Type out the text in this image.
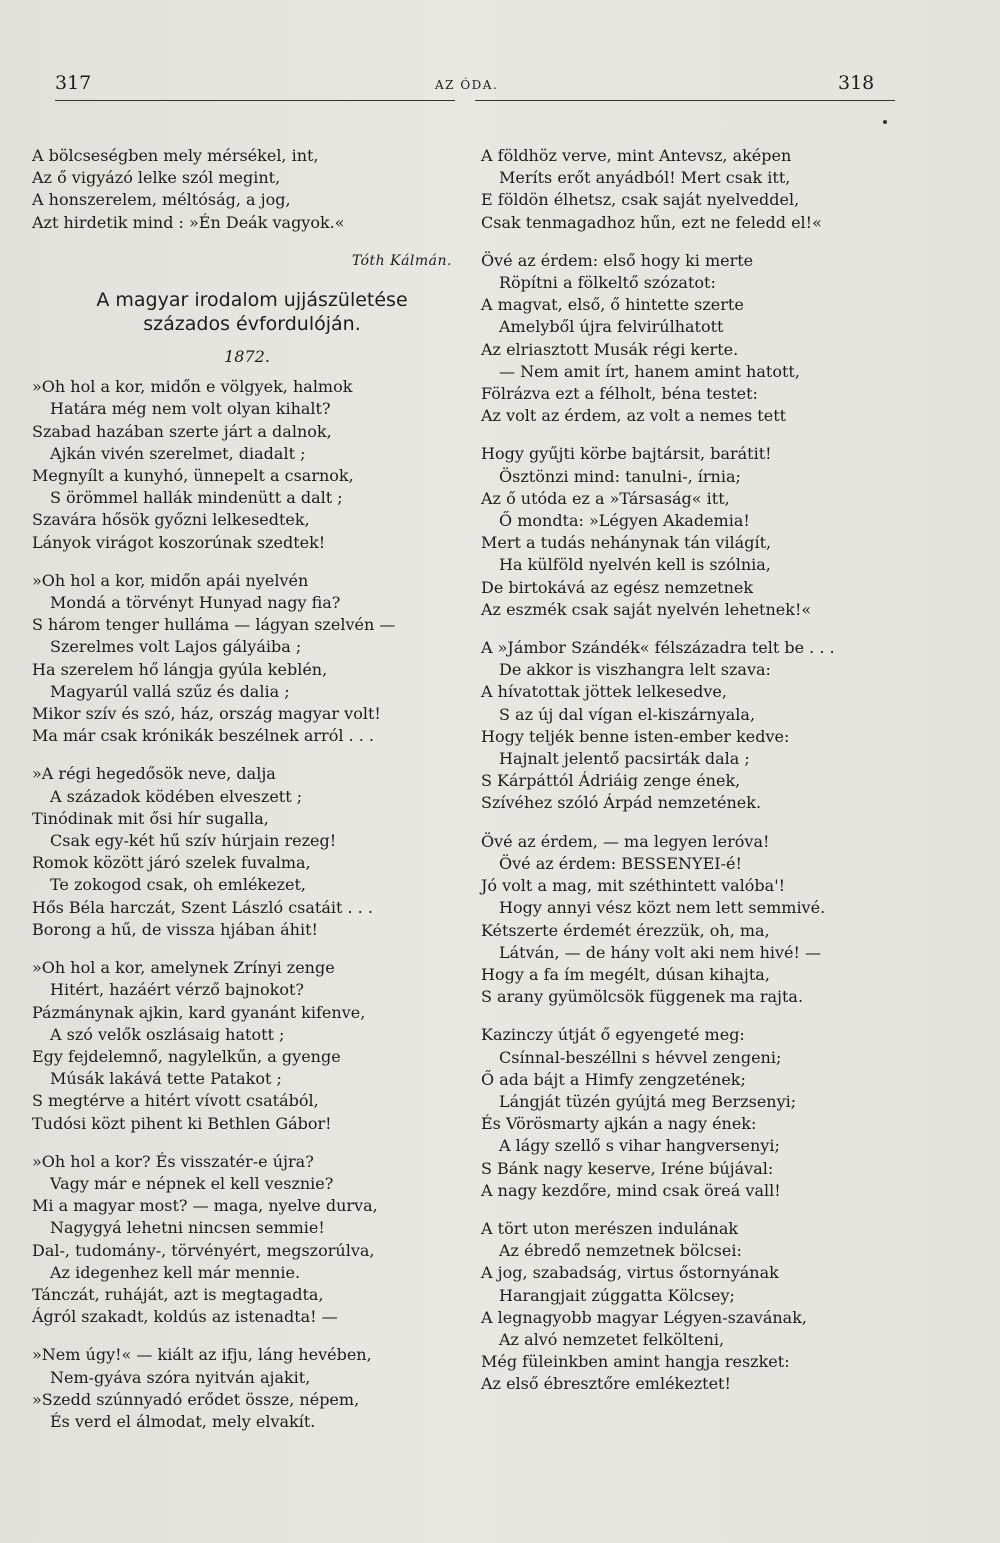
317	AZ ÓDA.	318
A bölcseségben mely mérsékel, int,
Az ő vigyázó lelke szól megint,
A honszerelem, méltóság, a jog,
Azt hirdetik mind : »Én Deák vagyok.«
Tóth Kálmán.
A magyar irodalom ujjászületése
százados évfordulóján.
1872.
»Oh hol a kor, midőn e völgyek, halmok
Határa még nem volt olyan kihalt?
Szabad hazában szerte járt a dalnok,
Ajkán vivén szerelmet, diadalt ;
Megnyílt a kunyhó, ünnepelt a csarnok,
S örömmel hallák mindenütt a dalt ;
Szavára hősök győzni lelkesedtek,
Lányok virágot koszorúnak szedtek!
»Oh hol a kor, midőn apái nyelvén
Mondá a törvényt Hunyad nagy fia?
S három tenger hulláma — lágyan szelvén —
Szerelmes volt Lajos gályáiba ;
Ha szerelem hő lángja gyúla keblén,
Magyarúl vallá szűz és dalia ;
Mikor szív és szó, ház, ország magyar volt!
Ma már csak krónikák beszélnek arról . . .
»A régi hegedősök neve, dalja
A századok ködében elveszett ;
Tinódinak mit ősi hír sugalla,
Csak egy-két hű szív húrjain rezeg!
Romok között járó szelek fuvalma,
Te zokogod csak, oh emlékezet,
Hős Béla harczát, Szent László csatáit . . .
Borong a hű, de vissza hjában áhit!
»Oh hol a kor, amelynek Zrínyi zenge
Hitért, hazáért vérző bajnokot?
Pázmánynak ajkin, kard gyanánt kifenve,
A szó velők oszlásaig hatott ;
Egy fejdelemnő, nagylelkűn, a gyenge
Músák lakává tette Patakot ;
S megtérve a hitért vívott csatából,
Tudósi közt pihent ki Bethlen Gábor!
»Oh hol a kor? És visszatér-e újra?
Vagy már e népnek el kell vesznie?
Mi a magyar most? — maga, nyelve durva,
Nagygyá lehetni nincsen semmie!
Dal-, tudomány-, törvényért, megszorúlva,
Az idegenhez kell már mennie.
Tánczát, ruháját, azt is megtagadta,
Ágról szakadt, koldús az istenadta! —
»Nem úgy!« — kiált az ifju, láng hevében,
Nem-gyáva szóra nyitván ajakit,
»Szedd szúnnyadó erődet össze, népem,
És verd el álmodat, mely elvakít.
A földhöz verve, mint Antevsz, aképen
Meríts erőt anyádból! Mert csak itt,
E földön élhetsz, csak saját nyelveddel,
Csak tenmagadhoz hűn, ezt ne feledd el!«
Övé az érdem: első hogy ki merte
Röpítni a fölkeltő szózatot:
A magvat, első, ő hintette szerte
Amelyből újra felvirúlhatott
Az elriasztott Musák régi kerte.
— Nem amit írt, hanem amint hatott,
Fölrázva ezt a félholt, béna testet:
Az volt az érdem, az volt a nemes tett
Hogy gyűjti körbe bajtársit, barátit!
Ösztönzi mind: tanulni-, írnia;
Az ő utóda ez a »Társaság« itt,
Ő mondta: »Légyen Akademia!
Mert a tudás nehánynak tán világít,
Ha külföld nyelvén kell is szólnia,
De birtokává az egész nemzetnek
Az eszmék csak saját nyelvén lehetnek!«
A »Jámbor Szándék« félszázadra telt be . . .
De akkor is viszhangra lelt szava:
A hívatottak jöttek lelkesedve,
S az új dal vígan el-kiszárnyala,
Hogy teljék benne isten-ember kedve:
Hajnalt jelentő pacsirták dala ;
S Kárpáttól Ádriáig zenge ének,
Szívéhez szóló Árpád nemzetének.
Övé az érdem, — ma legyen leróva!
Övé az érdem: BESSENYEI-é!
Jó volt a mag, mit széthintett valóba'!
Hogy annyi vész közt nem lett semmivé.
Kétszerte érdemét érezzük, oh, ma,
Látván, — de hány volt aki nem hivé! —
Hogy a fa ím megélt, dúsan kihajta,
S arany gyümölcsök függenek ma rajta.
Kazinczy útját ő egyengeté meg:
Csínnal-beszéllni s hévvel zengeni;
Ő ada bájt a Himfy zengzetének;
Lángját tüzén gyújtá meg Berzsenyi;
És Vörösmarty ajkán a nagy ének:
A lágy szellő s vihar hangversenyi;
S Bánk nagy keserve, Iréne bújával:
A nagy kezdőre, mind csak öreá vall!
A tört uton merészen indulának
Az ébredő nemzetnek bölcsei:
A jog, szabadság, virtus őstornyának
Harangjait zúggatta Kölcsey;
A legnagyobb magyar Légyen-szavának,
Az alvó nemzetet felkölteni,
Még füleinkben amint hangja reszket:
Az első ébresztőre emlékeztet!
